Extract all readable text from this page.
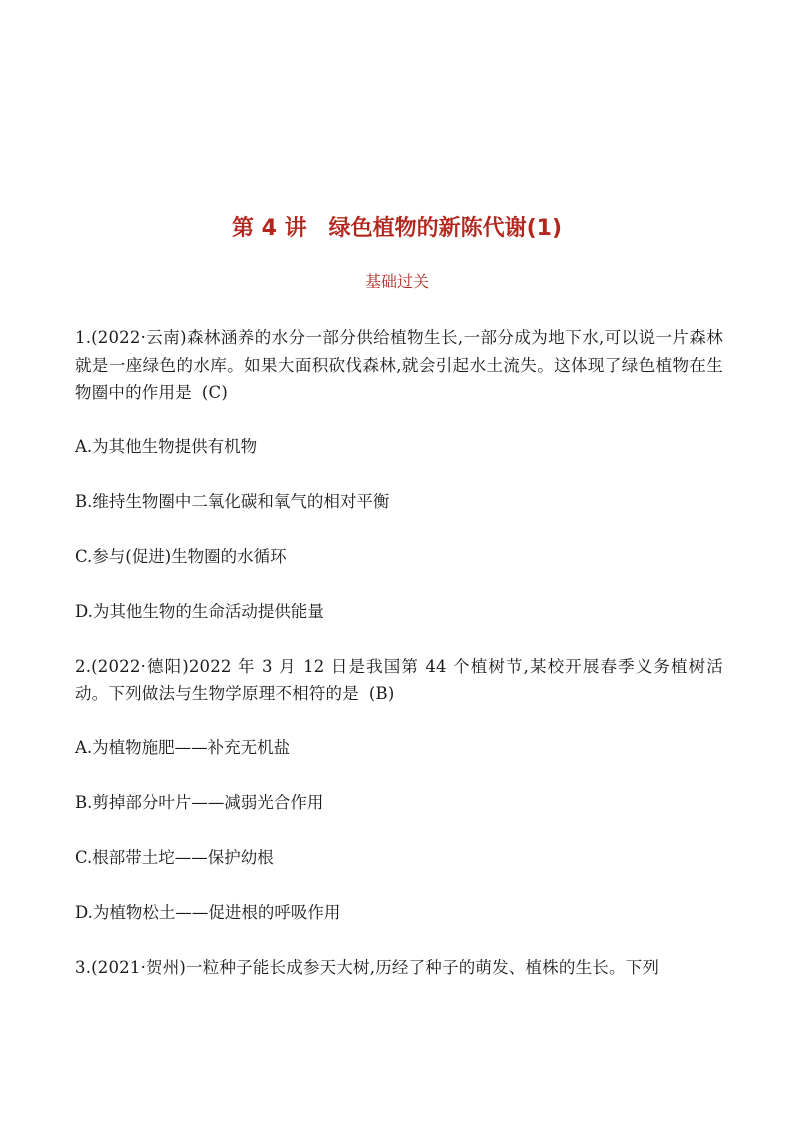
第 4 讲　绿色植物的新陈代谢(1)
基础过关

1.(2022·云南)森林涵养的水分一部分供给植物生长,一部分成为地下水,可以说一片森林就是一座绿色的水库。如果大面积砍伐森林,就会引起水土流失。这体现了绿色植物在生物圈中的作用是 (C)

A.为其他生物提供有机物

B.维持生物圈中二氧化碳和氧气的相对平衡

C.参与(促进)生物圈的水循环

D.为其他生物的生命活动提供能量

2.(2022·德阳)2022 年 3 月 12 日是我国第 44 个植树节,某校开展春季义务植树活动。下列做法与生物学原理不相符的是 (B)

A.为植物施肥——补充无机盐

B.剪掉部分叶片——减弱光合作用

C.根部带土坨——保护幼根

D.为植物松土——促进根的呼吸作用

3.(2021·贺州)一粒种子能长成参天大树,历经了种子的萌发、植株的生长。下列
